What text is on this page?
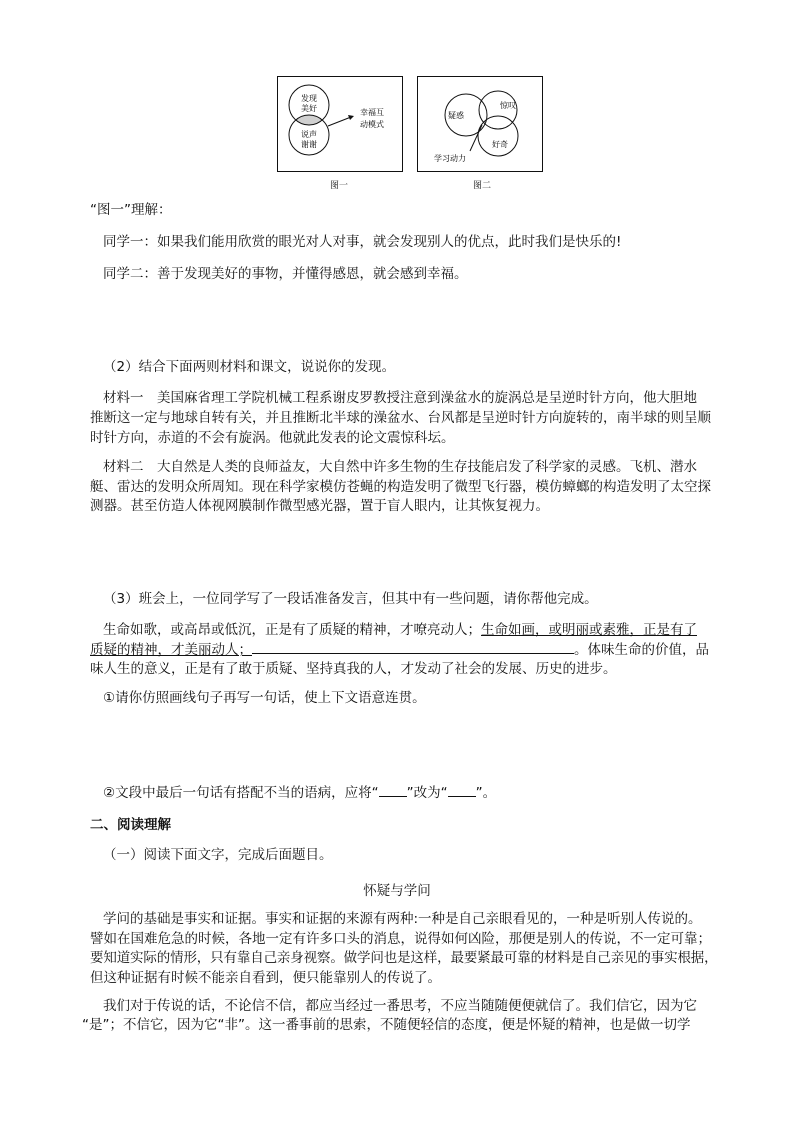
发现
美好
说声
谢谢
幸福互
动模式
图一
疑惑
惊叹
好奇
学习动力
图二
“图一”理解：
同学一：如果我们能用欣赏的眼光对人对事，就会发现别人的优点，此时我们是快乐的!
同学二：善于发现美好的事物，并懂得感恩，就会感到幸福。
（2）结合下面两则材料和课文，说说你的发现。
材料一　美国麻省理工学院机械工程系谢皮罗教授注意到澡盆水的旋涡总是呈逆时针方向，他大胆地
推断这一定与地球自转有关，并且推断北半球的澡盆水、台风都是呈逆时针方向旋转的，南半球的则呈顺
时针方向，赤道的不会有旋涡。他就此发表的论文震惊科坛。
材料二　大自然是人类的良师益友，大自然中许多生物的生存技能启发了科学家的灵感。飞机、潜水
艇、雷达的发明众所周知。现在科学家模仿苍蝇的构造发明了微型飞行器，模仿蟑螂的构造发明了太空探
测器。甚至仿造人体视网膜制作微型感光器，置于盲人眼内，让其恢复视力。
（3）班会上，一位同学写了一段话准备发言，但其中有一些问题，请你帮他完成。
生命如歌，或高昂或低沉，正是有了质疑的精神，才嘹亮动人；生命如画，或明丽或素雅，正是有了
质疑的精神，才美丽动人；	。体味生命的价值，品
味人生的意义，正是有了敢于质疑、坚持真我的人，才发动了社会的发展、历史的进步。
①请你仿照画线句子再写一句话，使上下文语意连贯。
②文段中最后一句话有搭配不当的语病，应将“ ”改为“ ”。
二、阅读理解
（一）阅读下面文字，完成后面题目。
怀疑与学问
学问的基础是事实和证据。事实和证据的来源有两种:一种是自己亲眼看见的，一种是听别人传说的。
譬如在国难危急的时候，各地一定有许多口头的消息，说得如何凶险，那便是别人的传说，不一定可靠；
要知道实际的情形，只有靠自己亲身视察。做学问也是这样，最要紧最可靠的材料是自己亲见的事实根据，
但这种证据有时候不能亲自看到，便只能靠别人的传说了。
我们对于传说的话，不论信不信，都应当经过一番思考，不应当随随便便就信了。我们信它，因为它
“是”；不信它，因为它“非”。这一番事前的思索，不随便轻信的态度，便是怀疑的精神，也是做一切学
